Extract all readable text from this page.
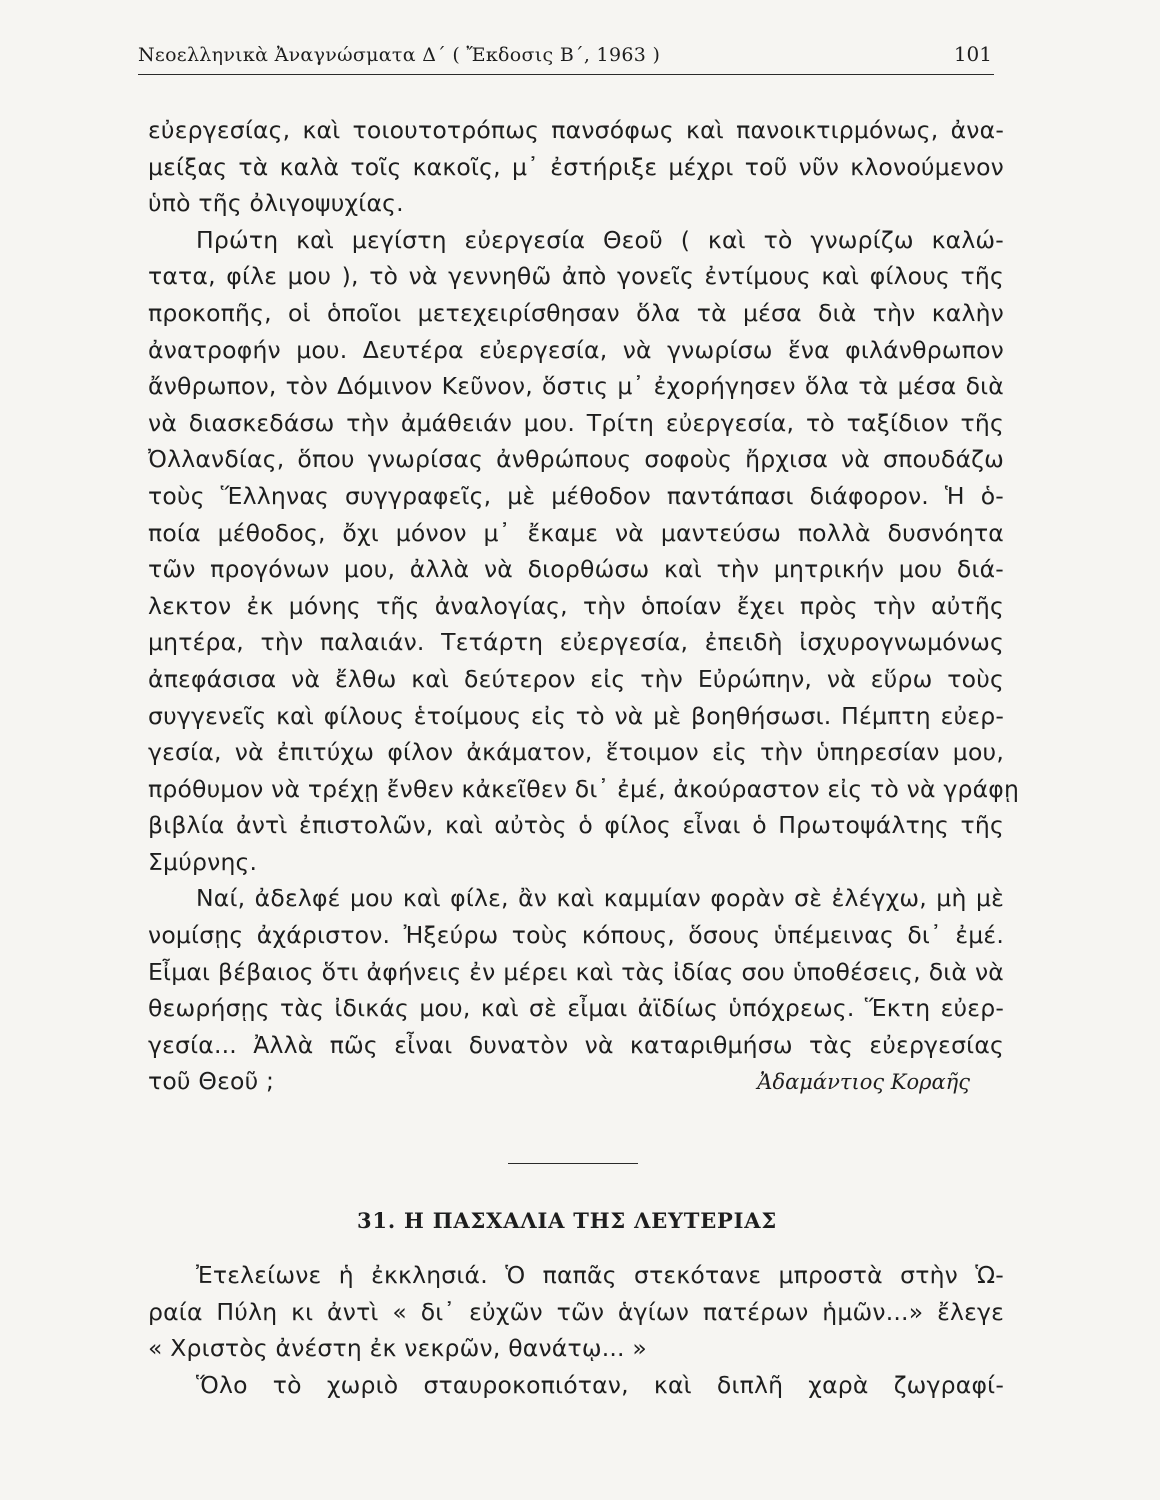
Νεοελληνικὰ Ἀναγνώσματα Δ΄ ( Ἔκδοσις Β΄, 1963 )	101
εὐεργεσίας, καὶ τοιουτοτρόπως πανσόφως καὶ πανοικτιρμόνως, ἀνα-
μείξας τὰ καλὰ τοῖς κακοῖς, μ᾽ ἐστήριξε μέχρι τοῦ νῦν κλονούμενον
ὑπὸ τῆς ὀλιγοψυχίας.
Πρώτη καὶ μεγίστη εὐεργεσία Θεοῦ ( καὶ τὸ γνωρίζω καλώ-
τατα, φίλε μου ), τὸ νὰ γεννηθῶ ἀπὸ γονεῖς ἐντίμους καὶ φίλους τῆς
προκοπῆς, οἱ ὁποῖοι μετεχειρίσθησαν ὅλα τὰ μέσα διὰ τὴν καλὴν
ἀνατροφήν μου. Δευτέρα εὐεργεσία, νὰ γνωρίσω ἕνα φιλάνθρωπον
ἄνθρωπον, τὸν Δόμινον Κεῦνον, ὅστις μ᾽ ἐχορήγησεν ὅλα τὰ μέσα διὰ
νὰ διασκεδάσω τὴν ἀμάθειάν μου. Τρίτη εὐεργεσία, τὸ ταξίδιον τῆς
Ὀλλανδίας, ὅπου γνωρίσας ἀνθρώπους σοφοὺς ἤρχισα νὰ σπουδάζω
τοὺς Ἕλληνας συγγραφεῖς, μὲ μέθοδον παντάπασι διάφορον. Ἡ ὁ-
ποία μέθοδος, ὄχι μόνον μ᾽ ἔκαμε νὰ μαντεύσω πολλὰ δυσνόητα
τῶν προγόνων μου, ἀλλὰ νὰ διορθώσω καὶ τὴν μητρικήν μου διά-
λεκτον ἐκ μόνης τῆς ἀναλογίας, τὴν ὁποίαν ἔχει πρὸς τὴν αὐτῆς
μητέρα, τὴν παλαιάν. Τετάρτη εὐεργεσία, ἐπειδὴ ἰσχυρογνωμόνως
ἀπεφάσισα νὰ ἔλθω καὶ δεύτερον εἰς τὴν Εὐρώπην, νὰ εὕρω τοὺς
συγγενεῖς καὶ φίλους ἑτοίμους εἰς τὸ νὰ μὲ βοηθήσωσι. Πέμπτη εὐερ-
γεσία, νὰ ἐπιτύχω φίλον ἀκάματον, ἕτοιμον εἰς τὴν ὑπηρεσίαν μου,
πρόθυμον νὰ τρέχῃ ἔνθεν κἀκεῖθεν δι᾽ ἐμέ, ἀκούραστον εἰς τὸ νὰ γράφῃ
βιβλία ἀντὶ ἐπιστολῶν, καὶ αὐτὸς ὁ φίλος εἶναι ὁ Πρωτοψάλτης τῆς
Σμύρνης.
Ναί, ἀδελφέ μου καὶ φίλε, ἂν καὶ καμμίαν φορὰν σὲ ἐλέγχω, μὴ μὲ
νομίσῃς ἀχάριστον. Ἠξεύρω τοὺς κόπους, ὅσους ὑπέμεινας δι᾽ ἐμέ.
Εἶμαι βέβαιος ὅτι ἀφήνεις ἐν μέρει καὶ τὰς ἰδίας σου ὑποθέσεις, διὰ νὰ
θεωρήσῃς τὰς ἰδικάς μου, καὶ σὲ εἶμαι ἀϊδίως ὑπόχρεως. Ἕκτη εὐερ-
γεσία... Ἀλλὰ πῶς εἶναι δυνατὸν νὰ καταριθμήσω τὰς εὐεργεσίας
τοῦ Θεοῦ ;	Ἀδαμάντιος Κοραῆς
31. Η ΠΑΣΧΑΛΙΑ ΤΗΣ ΛΕΥΤΕΡΙΑΣ
Ἐτελείωνε ἡ ἐκκλησιά. Ὁ παπᾶς στεκότανε μπροστὰ στὴν Ὡ-
ραία Πύλη κι ἀντὶ « δι᾽ εὐχῶν τῶν ἁγίων πατέρων ἡμῶν...» ἔλεγε
« Χριστὸς ἀνέστη ἐκ νεκρῶν, θανάτῳ... »
Ὅλο τὸ χωριὸ σταυροκοπιόταν, καὶ διπλῆ χαρὰ ζωγραφί-
